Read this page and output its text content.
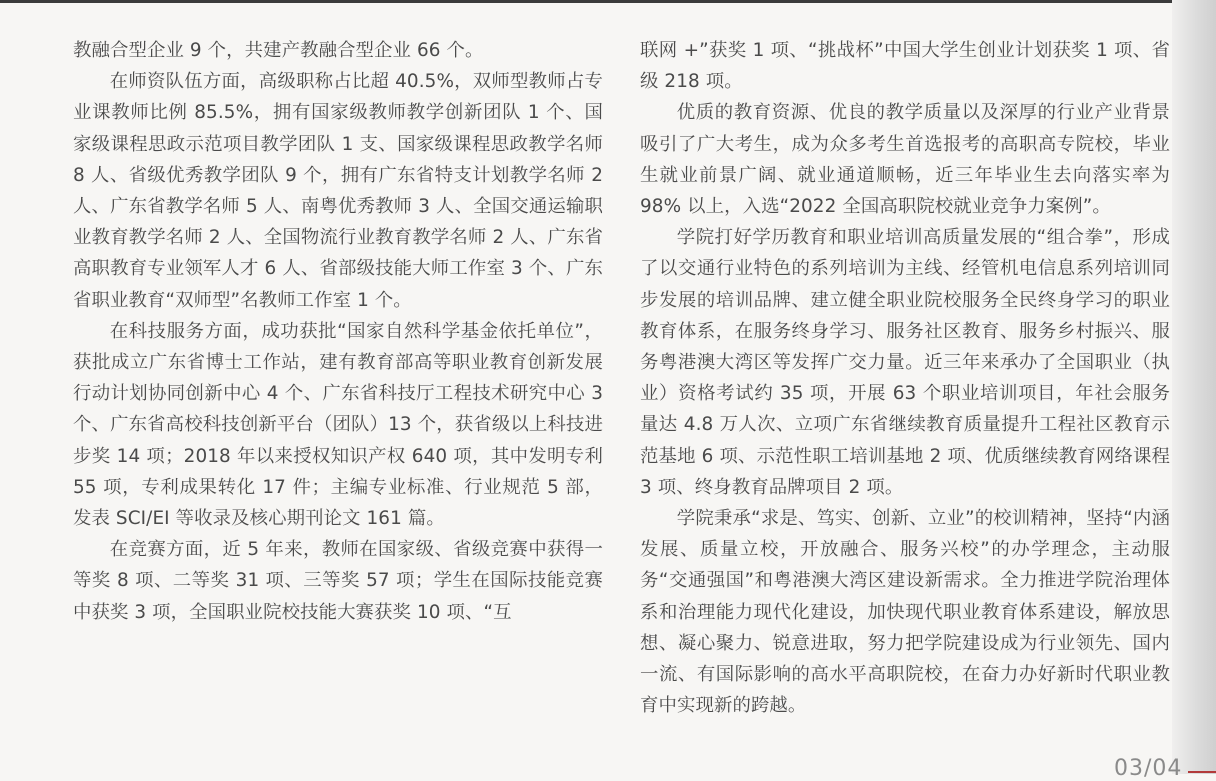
教融合型企业 9 个，共建产教融合型企业 66 个。

在师资队伍方面，高级职称占比超 40.5%，双师型教师占专业课教师比例 85.5%，拥有国家级教师教学创新团队 1 个、国家级课程思政示范项目教学团队 1 支、国家级课程思政教学名师 8 人、省级优秀教学团队 9 个，拥有广东省特支计划教学名师 2 人、广东省教学名师 5 人、南粤优秀教师 3 人、全国交通运输职业教育教学名师 2 人、全国物流行业教育教学名师 2 人、广东省高职教育专业领军人才 6 人、省部级技能大师工作室 3 个、广东省职业教育“双师型”名教师工作室 1 个。

在科技服务方面，成功获批“国家自然科学基金依托单位”，获批成立广东省博士工作站，建有教育部高等职业教育创新发展行动计划协同创新中心 4 个、广东省科技厅工程技术研究中心 3 个、广东省高校科技创新平台（团队）13 个，获省级以上科技进步奖 14 项；2018 年以来授权知识产权 640 项，其中发明专利 55 项，专利成果转化 17 件；主编专业标准、行业规范 5 部，发表 SCI/EI 等收录及核心期刊论文 161 篇。

在竞赛方面，近 5 年来，教师在国家级、省级竞赛中获得一等奖 8 项、二等奖 31 项、三等奖 57 项；学生在国际技能竞赛中获奖 3 项，全国职业院校技能大赛获奖 10 项、“互

联网 +”获奖 1 项、“挑战杯”中国大学生创业计划获奖 1 项、省级 218 项。

优质的教育资源、优良的教学质量以及深厚的行业产业背景吸引了广大考生，成为众多考生首选报考的高职高专院校，毕业生就业前景广阔、就业通道顺畅，近三年毕业生去向落实率为 98% 以上，入选“2022 全国高职院校就业竞争力案例”。

学院打好学历教育和职业培训高质量发展的“组合拳”，形成了以交通行业特色的系列培训为主线、经管机电信息系列培训同步发展的培训品牌、建立健全职业院校服务全民终身学习的职业教育体系，在服务终身学习、服务社区教育、服务乡村振兴、服务粤港澳大湾区等发挥广交力量。近三年来承办了全国职业（执业）资格考试约 35 项，开展 63 个职业培训项目，年社会服务量达 4.8 万人次、立项广东省继续教育质量提升工程社区教育示范基地 6 项、示范性职工培训基地 2 项、优质继续教育网络课程 3 项、终身教育品牌项目 2 项。

学院秉承“求是、笃实、创新、立业”的校训精神，坚持“内涵发展、质量立校，开放融合、服务兴校”的办学理念，主动服务“交通强国”和粤港澳大湾区建设新需求。全力推进学院治理体系和治理能力现代化建设，加快现代职业教育体系建设，解放思想、凝心聚力、锐意进取，努力把学院建设成为行业领先、国内一流、有国际影响的高水平高职院校，在奋力办好新时代职业教育中实现新的跨越。

03/04
